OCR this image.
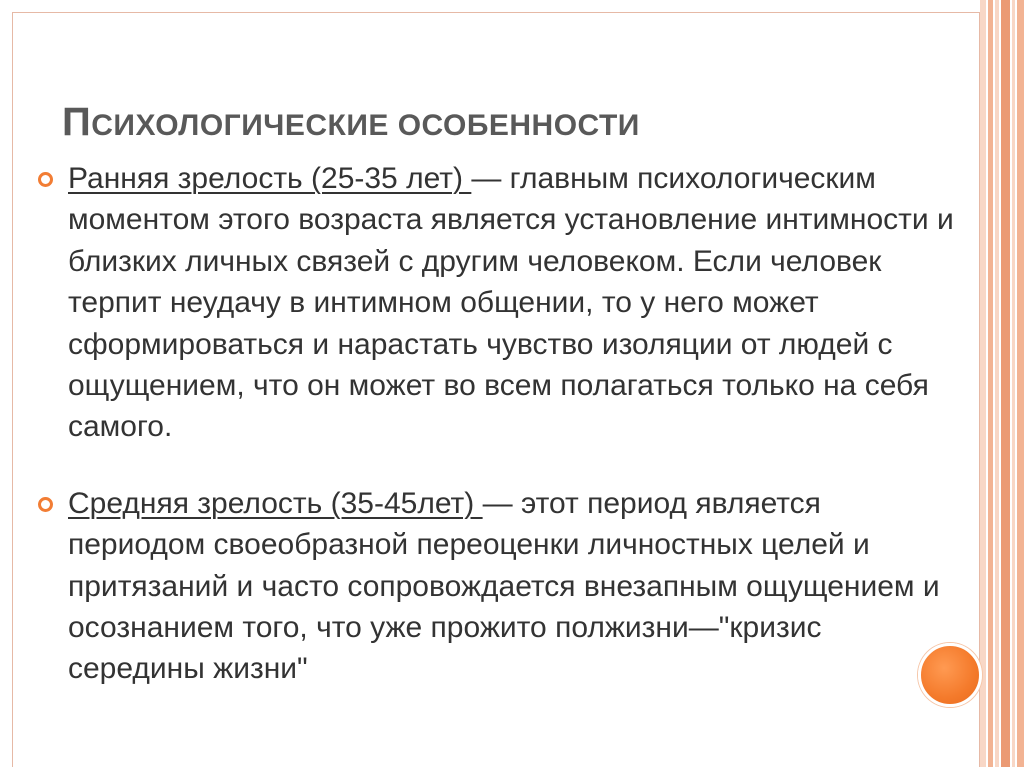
ПСИХОЛОГИЧЕСКИЕ ОСОБЕННОСТИ
Ранняя зрелость (25-35 лет) — главным психологическим моментом этого возраста является установление интимности и близких личных связей с другим человеком. Если человек терпит неудачу в интимном общении, то у него может сформироваться и нарастать чувство изоляции от людей с ощущением, что он может во всем полагаться только на себя самого.
Средняя зрелость (35-45лет) — этот период является периодом своеобразной переоценки личностных целей и притязаний и часто сопровождается внезапным ощущением и осознанием того, что уже прожито полжизни—"кризис середины жизни"
